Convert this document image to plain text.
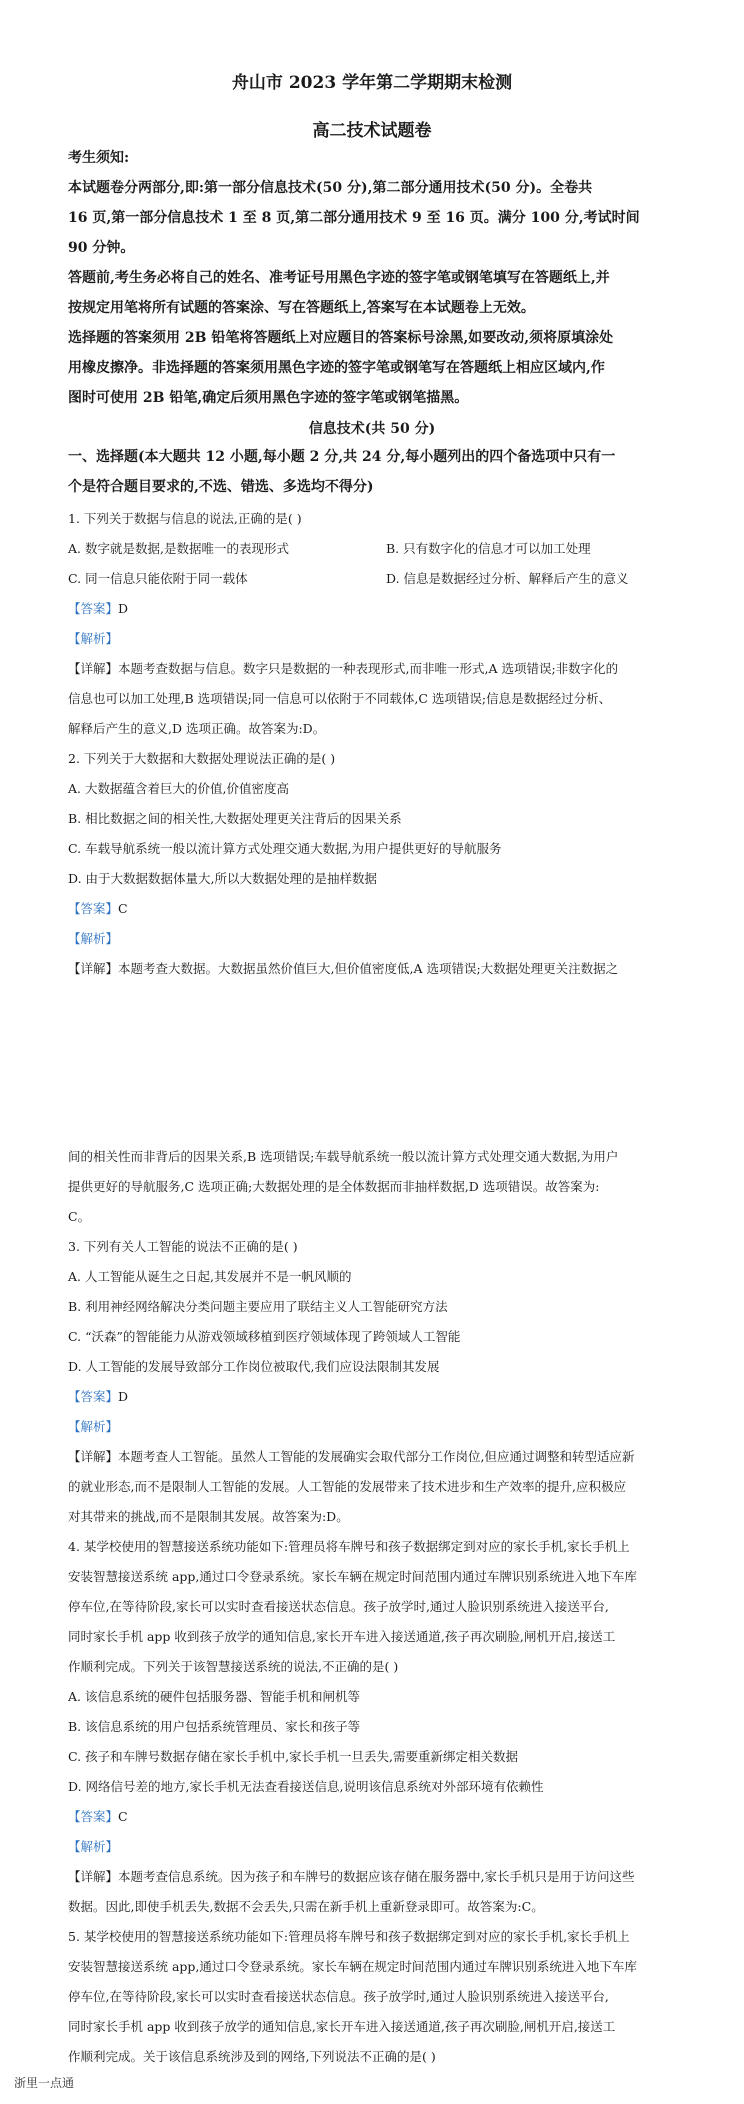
舟山市 2023 学年第二学期期末检测
高二技术试题卷
考生须知:
本试题卷分两部分,即:第一部分信息技术(50 分),第二部分通用技术(50 分)。全卷共
16 页,第一部分信息技术 1 至 8 页,第二部分通用技术 9 至 16 页。满分 100 分,考试时间
90 分钟。
答题前,考生务必将自己的姓名、准考证号用黑色字迹的签字笔或钢笔填写在答题纸上,并
按规定用笔将所有试题的答案涂、写在答题纸上,答案写在本试题卷上无效。
选择题的答案须用 2B 铅笔将答题纸上对应题目的答案标号涂黑,如要改动,须将原填涂处
用橡皮擦净。非选择题的答案须用黑色字迹的签字笔或钢笔写在答题纸上相应区域内,作
图时可使用 2B 铅笔,确定后须用黑色字迹的签字笔或钢笔描黑。
信息技术(共 50 分)
一、选择题(本大题共 12 小题,每小题 2 分,共 24 分,每小题列出的四个备选项中只有一
个是符合题目要求的,不选、错选、多选均不得分)
1. 下列关于数据与信息的说法,正确的是( )
A. 数字就是数据,是数据唯一的表现形式	B. 只有数字化的信息才可以加工处理
C. 同一信息只能依附于同一载体	D. 信息是数据经过分析、解释后产生的意义
【答案】D
【解析】
【详解】本题考查数据与信息。数字只是数据的一种表现形式,而非唯一形式,A 选项错误;非数字化的
信息也可以加工处理,B 选项错误;同一信息可以依附于不同载体,C 选项错误;信息是数据经过分析、
解释后产生的意义,D 选项正确。故答案为:D。
2. 下列关于大数据和大数据处理说法正确的是( )
A. 大数据蕴含着巨大的价值,价值密度高
B. 相比数据之间的相关性,大数据处理更关注背后的因果关系
C. 车载导航系统一般以流计算方式处理交通大数据,为用户提供更好的导航服务
D. 由于大数据数据体量大,所以大数据处理的是抽样数据
【答案】C
【解析】
【详解】本题考查大数据。大数据虽然价值巨大,但价值密度低,A 选项错误;大数据处理更关注数据之
间的相关性而非背后的因果关系,B 选项错误;车载导航系统一般以流计算方式处理交通大数据,为用户
提供更好的导航服务,C 选项正确;大数据处理的是全体数据而非抽样数据,D 选项错误。故答案为:
C。
3. 下列有关人工智能的说法不正确的是( )
A. 人工智能从诞生之日起,其发展并不是一帆风顺的
B. 利用神经网络解决分类问题主要应用了联结主义人工智能研究方法
C. “沃森”的智能能力从游戏领域移植到医疗领域体现了跨领域人工智能
D. 人工智能的发展导致部分工作岗位被取代,我们应设法限制其发展
【答案】D
【解析】
【详解】本题考查人工智能。虽然人工智能的发展确实会取代部分工作岗位,但应通过调整和转型适应新
的就业形态,而不是限制人工智能的发展。人工智能的发展带来了技术进步和生产效率的提升,应积极应
对其带来的挑战,而不是限制其发展。故答案为:D。
4. 某学校使用的智慧接送系统功能如下:管理员将车牌号和孩子数据绑定到对应的家长手机,家长手机上
安装智慧接送系统 app,通过口令登录系统。家长车辆在规定时间范围内通过车牌识别系统进入地下车库
停车位,在等待阶段,家长可以实时查看接送状态信息。孩子放学时,通过人脸识别系统进入接送平台,
同时家长手机 app 收到孩子放学的通知信息,家长开车进入接送通道,孩子再次刷脸,闸机开启,接送工
作顺利完成。下列关于该智慧接送系统的说法,不正确的是( )
A. 该信息系统的硬件包括服务器、智能手机和闸机等
B. 该信息系统的用户包括系统管理员、家长和孩子等
C. 孩子和车牌号数据存储在家长手机中,家长手机一旦丢失,需要重新绑定相关数据
D. 网络信号差的地方,家长手机无法查看接送信息,说明该信息系统对外部环境有依赖性
【答案】C
【解析】
【详解】本题考查信息系统。因为孩子和车牌号的数据应该存储在服务器中,家长手机只是用于访问这些
数据。因此,即使手机丢失,数据不会丢失,只需在新手机上重新登录即可。故答案为:C。
5. 某学校使用的智慧接送系统功能如下:管理员将车牌号和孩子数据绑定到对应的家长手机,家长手机上
安装智慧接送系统 app,通过口令登录系统。家长车辆在规定时间范围内通过车牌识别系统进入地下车库
停车位,在等待阶段,家长可以实时查看接送状态信息。孩子放学时,通过人脸识别系统进入接送平台,
同时家长手机 app 收到孩子放学的通知信息,家长开车进入接送通道,孩子再次刷脸,闸机开启,接送工
作顺利完成。关于该信息系统涉及到的网络,下列说法不正确的是( )
浙里一点通
